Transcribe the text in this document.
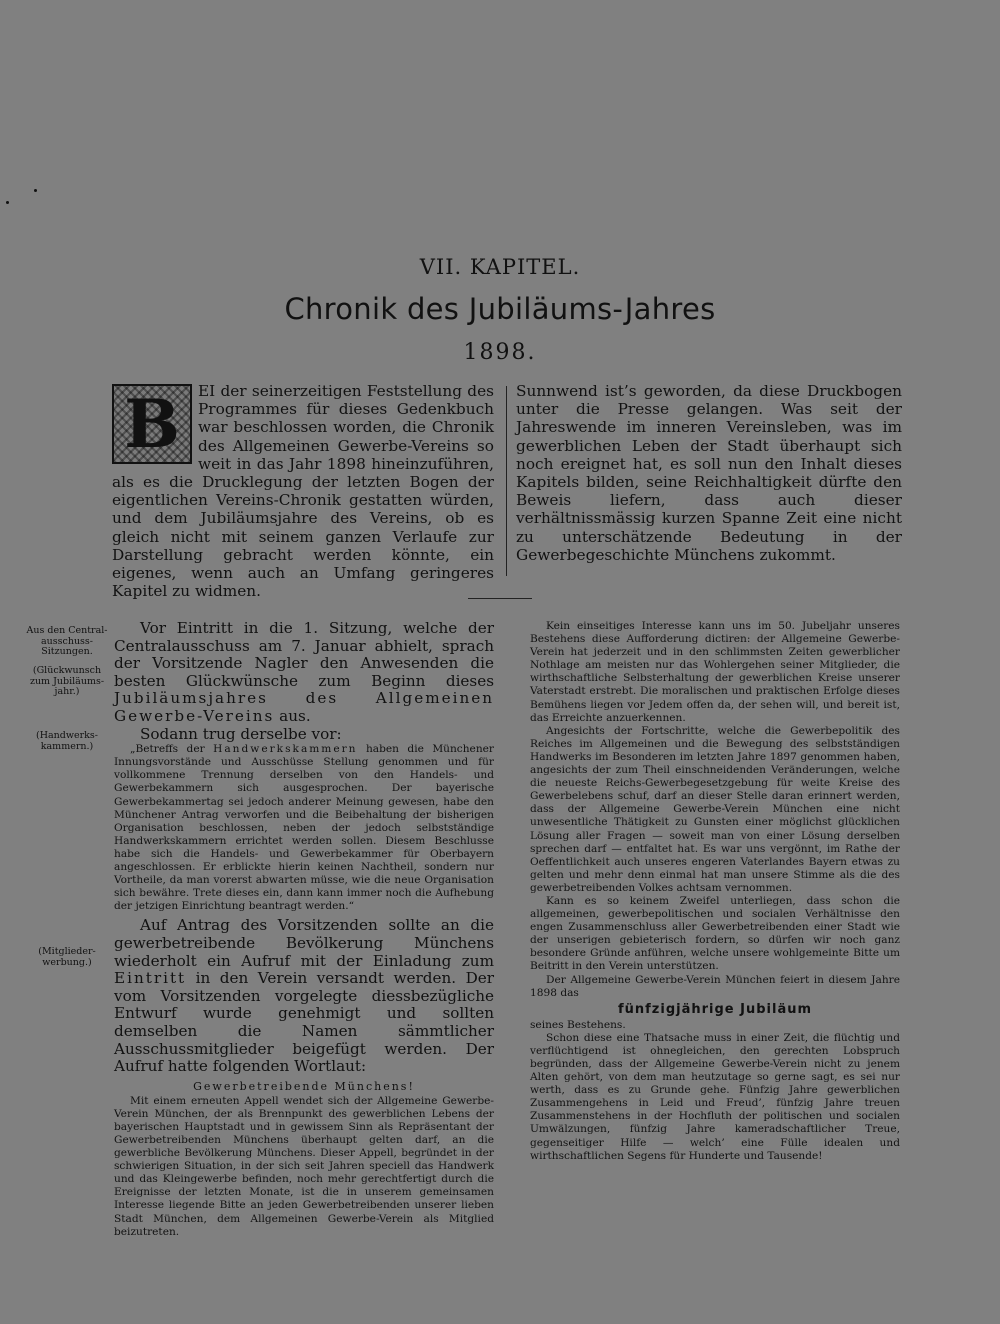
VII. KAPITEL.
Chronik des Jubiläums-Jahres
1898.
B	EI der seinerzeitigen Feststellung des Programmes für dieses Gedenkbuch war beschlossen worden, die Chronik des Allgemeinen Gewerbe-Vereins so weit in das Jahr 1898 hineinzuführen, als es die Drucklegung der letzten Bogen der eigentlichen Vereins-Chronik gestatten würden, und dem Jubiläumsjahre des Vereins, ob es gleich nicht mit seinem ganzen Verlaufe zur Darstellung gebracht werden könnte, ein eigenes, wenn auch an Umfang geringeres Kapitel zu widmen.
Sunnwend ist’s geworden, da diese Druckbogen unter die Presse gelangen. Was seit der Jahreswende im inneren Vereinsleben, was im gewerblichen Leben der Stadt überhaupt sich noch ereignet hat, es soll nun den Inhalt dieses Kapitels bilden, seine Reichhaltigkeit dürfte den Beweis liefern, dass auch dieser verhältnissmässig kurzen Spanne Zeit eine nicht zu unterschätzende Bedeutung in der Gewerbegeschichte Münchens zukommt.
Aus den Central-ausschuss-Sitzungen.
(Glückwunsch zum Jubiläums-jahr.)
(Handwerks-kammern.)
(Mitglieder-werbung.)

Vor Eintritt in die 1. Sitzung, welche der Centralausschuss am 7. Januar abhielt, sprach der Vorsitzende Nagler den Anwesenden die besten Glückwünsche zum Beginn dieses Jubiläumsjahres des Allgemeinen Gewerbe-Vereins aus.

Sodann trug derselbe vor:

„Betreffs der Handwerkskammern haben die Münchener Innungsvorstände und Ausschüsse Stellung genommen und für vollkommene Trennung derselben von den Handels- und Gewerbekammern sich ausgesprochen. Der bayerische Gewerbekammertag sei jedoch anderer Meinung gewesen, habe den Münchener Antrag verworfen und die Beibehaltung der bisherigen Organisation beschlossen, neben der jedoch selbstständige Handwerkskammern errichtet werden sollen. Diesem Beschlusse habe sich die Handels- und Gewerbekammer für Oberbayern angeschlossen. Er erblickte hierin keinen Nachtheil, sondern nur Vortheile, da man vorerst abwarten müsse, wie die neue Organisation sich bewähre. Trete dieses ein, dann kann immer noch die Aufhebung der jetzigen Einrichtung beantragt werden.“

Auf Antrag des Vorsitzenden sollte an die gewerbetreibende Bevölkerung Münchens wiederholt ein Aufruf mit der Einladung zum Eintritt in den Verein versandt werden. Der vom Vorsitzenden vorgelegte diessbezügliche Entwurf wurde genehmigt und sollten demselben die Namen sämmtlicher Ausschussmitglieder beigefügt werden. Der Aufruf hatte folgenden Wortlaut:

Gewerbetreibende Münchens!

Mit einem erneuten Appell wendet sich der Allgemeine Gewerbe-Verein München, der als Brennpunkt des gewerblichen Lebens der bayerischen Hauptstadt und in gewissem Sinn als Repräsentant der Gewerbetreibenden Münchens überhaupt gelten darf, an die gewerbliche Bevölkerung Münchens. Dieser Appell, begründet in der schwierigen Situation, in der sich seit Jahren speciell das Handwerk und das Kleingewerbe befinden, noch mehr gerechtfertigt durch die Ereignisse der letzten Monate, ist die in unserem gemeinsamen Interesse liegende Bitte an jeden Gewerbetreibenden unserer lieben Stadt München, dem Allgemeinen Gewerbe-Verein als Mitglied beizutreten.

Kein einseitiges Interesse kann uns im 50. Jubeljahr unseres Bestehens diese Aufforderung dictiren: der Allgemeine Gewerbe-Verein hat jederzeit und in den schlimmsten Zeiten gewerblicher Nothlage am meisten nur das Wohlergehen seiner Mitglieder, die wirthschaftliche Selbsterhaltung der gewerblichen Kreise unserer Vaterstadt erstrebt. Die moralischen und praktischen Erfolge dieses Bemühens liegen vor Jedem offen da, der sehen will, und bereit ist, das Erreichte anzuerkennen.

Angesichts der Fortschritte, welche die Gewerbepolitik des Reiches im Allgemeinen und die Bewegung des selbstständigen Handwerks im Besonderen im letzten Jahre 1897 genommen haben, angesichts der zum Theil einschneidenden Veränderungen, welche die neueste Reichs-Gewerbegesetzgebung für weite Kreise des Gewerbelebens schuf, darf an dieser Stelle daran erinnert werden, dass der Allgemeine Gewerbe-Verein München eine nicht unwesentliche Thätigkeit zu Gunsten einer möglichst glücklichen Lösung aller Fragen — soweit man von einer Lösung derselben sprechen darf — entfaltet hat. Es war uns vergönnt, im Rathe der Oeffentlichkeit auch unseres engeren Vaterlandes Bayern etwas zu gelten und mehr denn einmal hat man unsere Stimme als die des gewerbetreibenden Volkes achtsam vernommen.

Kann es so keinem Zweifel unterliegen, dass schon die allgemeinen, gewerbepolitischen und socialen Verhältnisse den engen Zusammenschluss aller Gewerbetreibenden einer Stadt wie der unserigen gebieterisch fordern, so dürfen wir noch ganz besondere Gründe anführen, welche unsere wohlgemeinte Bitte um Beitritt in den Verein unterstützen.

Der Allgemeine Gewerbe-Verein München feiert in diesem Jahre 1898 das

fünfzigjährige Jubiläum

seines Bestehens.

Schon diese eine Thatsache muss in einer Zeit, die flüchtig und verflüchtigend ist ohnegleichen, den gerechten Lobspruch begründen, dass der Allgemeine Gewerbe-Verein nicht zu jenem Alten gehört, von dem man heutzutage so gerne sagt, es sei nur werth, dass es zu Grunde gehe. Fünfzig Jahre gewerblichen Zusammengehens in Leid und Freud’, fünfzig Jahre treuen Zusammenstehens in der Hochfluth der politischen und socialen Umwälzungen, fünfzig Jahre kameradschaftlicher Treue, gegenseitiger Hilfe — welch’ eine Fülle idealen und wirthschaftlichen Segens für Hunderte und Tausende!
